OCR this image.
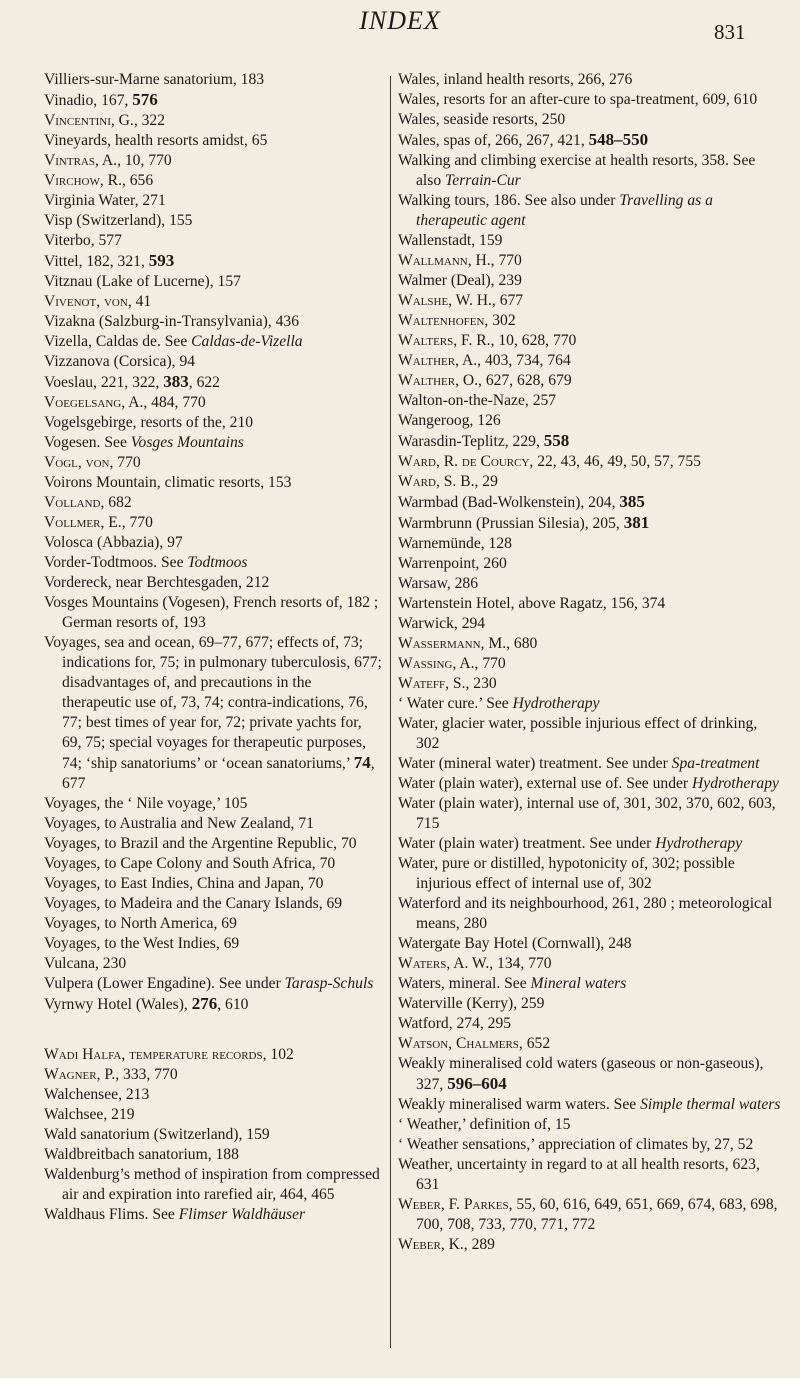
INDEX	831
Villiers-sur-Marne sanatorium, 183
Vinadio, 167, 576
Vincentini, G., 322
Vineyards, health resorts amidst, 65
Vintras, A., 10, 770
Virchow, R., 656
Virginia Water, 271
Visp (Switzerland), 155
Viterbo, 577
Vittel, 182, 321, 593
Vitznau (Lake of Lucerne), 157
Vivenot, von, 41
Vizakna (Salzburg-in-Transylvania), 436
Vizella, Caldas de. See Caldas-de-Vizella
Vizzanova (Corsica), 94
Voeslau, 221, 322, 383, 622
Voegelsang, A., 484, 770
Vogelsgebirge, resorts of the, 210
Vogesen. See Vosges Mountains
Vogl, von, 770
Voirons Mountain, climatic resorts, 153
Volland, 682
Vollmer, E., 770
Volosca (Abbazia), 97
Vorder-Todtmoos. See Todtmoos
Vordereck, near Berchtesgaden, 212
Vosges Mountains (Vogesen), French resorts of, 182 ; German resorts of, 193
Voyages, sea and ocean, 69–77, 677; effects of, 73; indications for, 75; in pulmonary tuberculosis, 677; disadvantages of, and precautions in the therapeutic use of, 73, 74; contra-indications, 76, 77; best times of year for, 72; private yachts for, 69, 75; special voyages for therapeutic purposes, 74; ‘ship sanatoriums’ or ‘ocean sanatoriums,’ 74, 677
Voyages, the ‘ Nile voyage,’ 105
Voyages, to Australia and New Zealand, 71
Voyages, to Brazil and the Argentine Republic, 70
Voyages, to Cape Colony and South Africa, 70
Voyages, to East Indies, China and Japan, 70
Voyages, to Madeira and the Canary Islands, 69
Voyages, to North America, 69
Voyages, to the West Indies, 69
Vulcana, 230
Vulpera (Lower Engadine). See under Tarasp-Schuls
Vyrnwy Hotel (Wales), 276, 610
Wadi Halfa, temperature records, 102
Wagner, P., 333, 770
Walchensee, 213
Walchsee, 219
Wald sanatorium (Switzerland), 159
Waldbreitbach sanatorium, 188
Waldenburg’s method of inspiration from compressed air and expiration into rarefied air, 464, 465
Waldhaus Flims. See Flimser Waldhäuser
Wales, inland health resorts, 266, 276
Wales, resorts for an after-cure to spa-treatment, 609, 610
Wales, seaside resorts, 250
Wales, spas of, 266, 267, 421, 548–550
Walking and climbing exercise at health resorts, 358. See also Terrain-Cur
Walking tours, 186. See also under Travelling as a therapeutic agent
Wallenstadt, 159
Wallmann, H., 770
Walmer (Deal), 239
Walshe, W. H., 677
Waltenhofen, 302
Walters, F. R., 10, 628, 770
Walther, A., 403, 734, 764
Walther, O., 627, 628, 679
Walton-on-the-Naze, 257
Wangeroog, 126
Warasdin-Teplitz, 229, 558
Ward, R. de Courcy, 22, 43, 46, 49, 50, 57, 755
Ward, S. B., 29
Warmbad (Bad-Wolkenstein), 204, 385
Warmbrunn (Prussian Silesia), 205, 381
Warnemünde, 128
Warrenpoint, 260
Warsaw, 286
Wartenstein Hotel, above Ragatz, 156, 374
Warwick, 294
Wassermann, M., 680
Wassing, A., 770
Wateff, S., 230
‘ Water cure.’ See Hydrotherapy
Water, glacier water, possible injurious effect of drinking, 302
Water (mineral water) treatment. See under Spa-treatment
Water (plain water), external use of. See under Hydrotherapy
Water (plain water), internal use of, 301, 302, 370, 602, 603, 715
Water (plain water) treatment. See under Hydrotherapy
Water, pure or distilled, hypotonicity of, 302; possible injurious effect of internal use of, 302
Waterford and its neighbourhood, 261, 280 ; meteorological means, 280
Watergate Bay Hotel (Cornwall), 248
Waters, A. W., 134, 770
Waters, mineral. See Mineral waters
Waterville (Kerry), 259
Watford, 274, 295
Watson, Chalmers, 652
Weakly mineralised cold waters (gaseous or non-gaseous), 327, 596–604
Weakly mineralised warm waters. See Simple thermal waters
‘ Weather,’ definition of, 15
‘ Weather sensations,’ appreciation of climates by, 27, 52
Weather, uncertainty in regard to at all health resorts, 623, 631
Weber, F. Parkes, 55, 60, 616, 649, 651, 669, 674, 683, 698, 700, 708, 733, 770, 771, 772
Weber, K., 289
